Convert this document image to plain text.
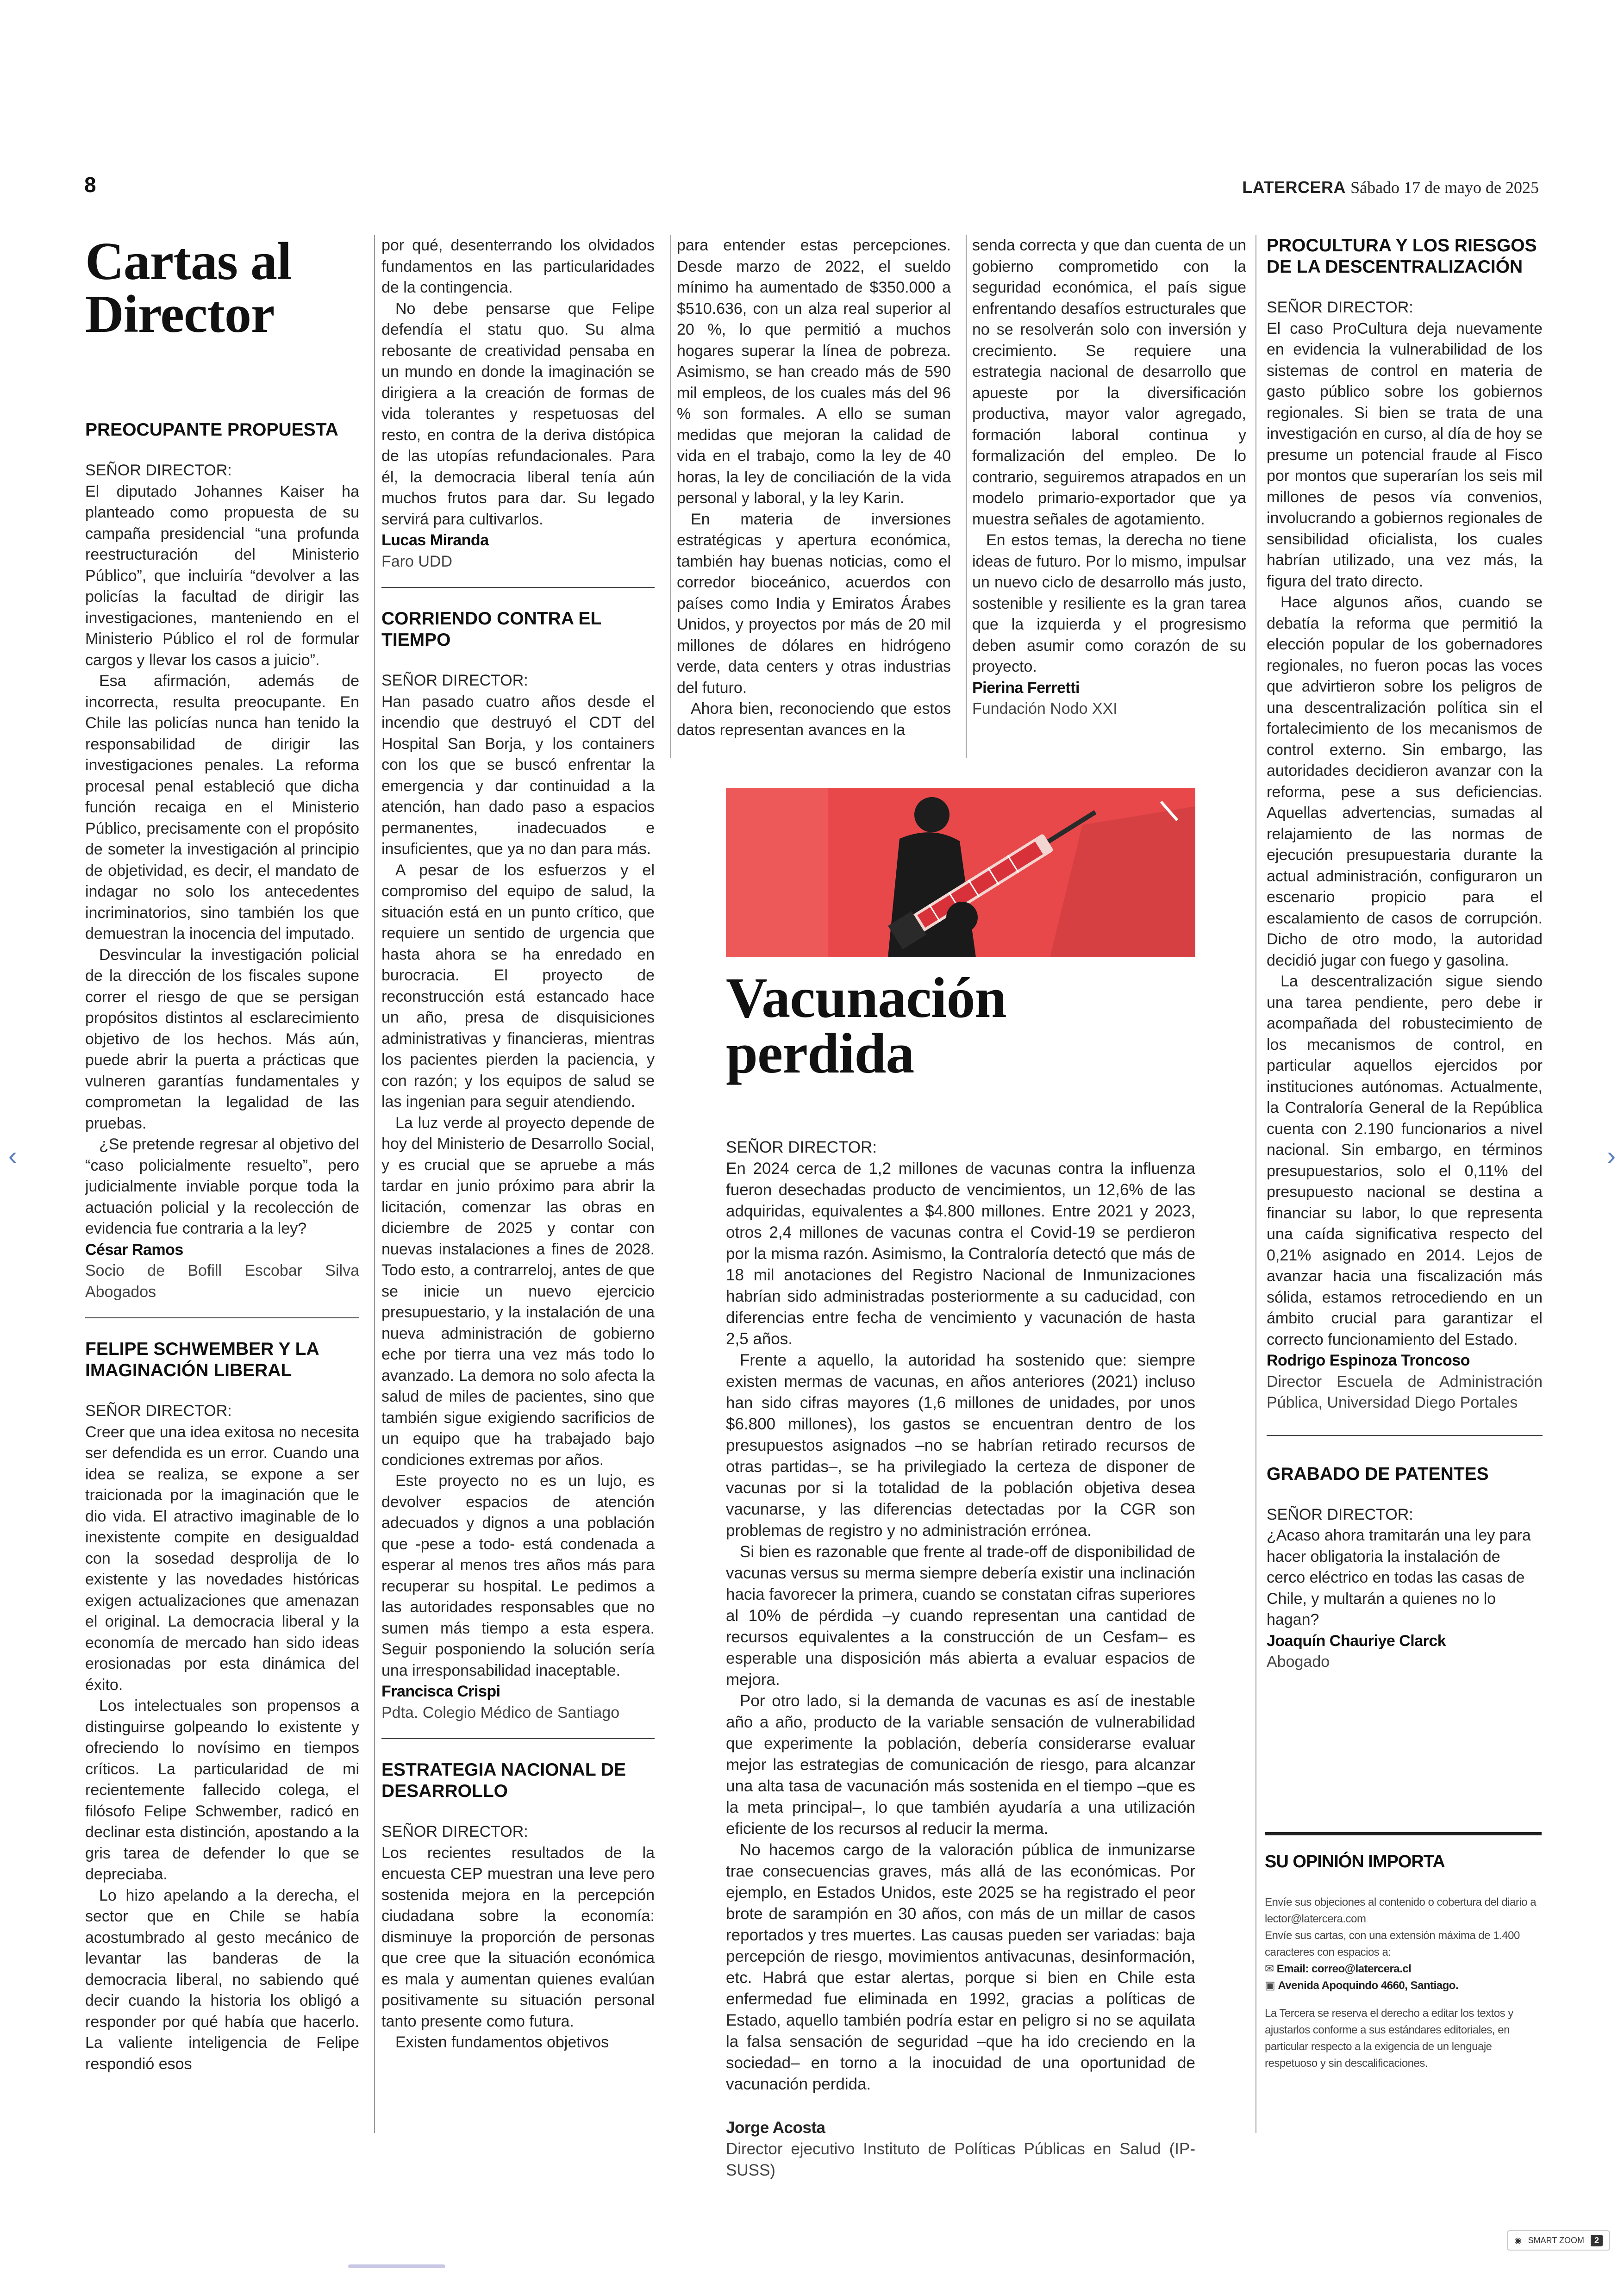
8	LATERCERA Sábado 17 de mayo de 2025
Cartas al Director
PREOCUPANTE PROPUESTA

SEÑOR DIRECTOR:

El diputado Johannes Kaiser ha planteado como propuesta de su campaña presidencial “una profunda reestructuración del Ministerio Público”, que incluiría “devolver a las policías la facultad de dirigir las investigaciones, manteniendo en el Ministerio Público el rol de formular cargos y llevar los casos a juicio”.

Esa afirmación, además de incorrecta, resulta preocupante. En Chile las policías nunca han tenido la responsabilidad de dirigir las investigaciones penales. La reforma procesal penal estableció que dicha función recaiga en el Ministerio Público, precisamente con el propósito de someter la investigación al principio de objetividad, es decir, el mandato de indagar no solo los antecedentes incriminatorios, sino también los que demuestran la inocencia del imputado.

Desvincular la investigación policial de la dirección de los fiscales supone correr el riesgo de que se persigan propósitos distintos al esclarecimiento objetivo de los hechos. Más aún, puede abrir la puerta a prácticas que vulneren garantías fundamentales y comprometan la legalidad de las pruebas.

¿Se pretende regresar al objetivo del “caso policialmente resuelto”, pero judicialmente inviable porque toda la actuación policial y la recolección de evidencia fue contraria a la ley?

César Ramos

Socio de Bofill Escobar Silva Abogados

FELIPE SCHWEMBER Y LA IMAGINACIÓN LIBERAL

SEÑOR DIRECTOR:

Creer que una idea exitosa no necesita ser defendida es un error. Cuando una idea se realiza, se expone a ser traicionada por la imaginación que le dio vida. El atractivo imaginable de lo inexistente compite en desigualdad con la sosedad desprolija de lo existente y las novedades históricas exigen actualizaciones que amenazan el original. La democracia liberal y la economía de mercado han sido ideas erosionadas por esta dinámica del éxito.

Los intelectuales son propensos a distinguirse golpeando lo existente y ofreciendo lo novísimo en tiempos críticos. La particularidad de mi recientemente fallecido colega, el filósofo Felipe Schwember, radicó en declinar esta distinción, apostando a la gris tarea de defender lo que se depreciaba.

Lo hizo apelando a la derecha, el sector que en Chile se había acostumbrado al gesto mecánico de levantar las banderas de la democracia liberal, no sabiendo qué decir cuando la historia los obligó a responder por qué había que hacerlo. La valiente inteligencia de Felipe respondió esos

por qué, desenterrando los olvidados fundamentos en las particularidades de la contingencia.

No debe pensarse que Felipe defendía el statu quo. Su alma rebosante de creatividad pensaba en un mundo en donde la imaginación se dirigiera a la creación de formas de vida tolerantes y respetuosas del resto, en contra de la deriva distópica de las utopías refundacionales. Para él, la democracia liberal tenía aún muchos frutos para dar. Su legado servirá para cultivarlos.

Lucas Miranda

Faro UDD

CORRIENDO CONTRA EL TIEMPO

SEÑOR DIRECTOR:

Han pasado cuatro años desde el incendio que destruyó el CDT del Hospital San Borja, y los containers con los que se buscó enfrentar la emergencia y dar continuidad a la atención, han dado paso a espacios permanentes, inadecuados e insuficientes, que ya no dan para más.

A pesar de los esfuerzos y el compromiso del equipo de salud, la situación está en un punto crítico, que requiere un sentido de urgencia que hasta ahora se ha enredado en burocracia. El proyecto de reconstrucción está estancado hace un año, presa de disquisiciones administrativas y financieras, mientras los pacientes pierden la paciencia, y con razón; y los equipos de salud se las ingenian para seguir atendiendo.

La luz verde al proyecto depende de hoy del Ministerio de Desarrollo Social, y es crucial que se apruebe a más tardar en junio próximo para abrir la licitación, comenzar las obras en diciembre de 2025 y contar con nuevas instalaciones a fines de 2028. Todo esto, a contrarreloj, antes de que se inicie un nuevo ejercicio presupuestario, y la instalación de una nueva administración de gobierno eche por tierra una vez más todo lo avanzado. La demora no solo afecta la salud de miles de pacientes, sino que también sigue exigiendo sacrificios de un equipo que ha trabajado bajo condiciones extremas por años.

Este proyecto no es un lujo, es devolver espacios de atención adecuados y dignos a una población que -pese a todo- está condenada a esperar al menos tres años más para recuperar su hospital. Le pedimos a las autoridades responsables que no sumen más tiempo a esta espera. Seguir posponiendo la solución sería una irresponsabilidad inaceptable.

Francisca Crispi

Pdta. Colegio Médico de Santiago

ESTRATEGIA NACIONAL DE DESARROLLO

SEÑOR DIRECTOR:

Los recientes resultados de la encuesta CEP muestran una leve pero sostenida mejora en la percepción ciudadana sobre la economía: disminuye la proporción de personas que cree que la situación económica es mala y aumentan quienes evalúan positivamente su situación personal tanto presente como futura.

Existen fundamentos objetivos

para entender estas percepciones. Desde marzo de 2022, el sueldo mínimo ha aumentado de $350.000 a $510.636, con un alza real superior al 20 %, lo que permitió a muchos hogares superar la línea de pobreza. Asimismo, se han creado más de 590 mil empleos, de los cuales más del 96 % son formales. A ello se suman medidas que mejoran la calidad de vida en el trabajo, como la ley de 40 horas, la ley de conciliación de la vida personal y laboral, y la ley Karin.

En materia de inversiones estratégicas y apertura económica, también hay buenas noticias, como el corredor bioceánico, acuerdos con países como India y Emiratos Árabes Unidos, y proyectos por más de 20 mil millones de dólares en hidrógeno verde, data centers y otras industrias del futuro.

Ahora bien, reconociendo que estos datos representan avances en la

senda correcta y que dan cuenta de un gobierno comprometido con la seguridad económica, el país sigue enfrentando desafíos estructurales que no se resolverán solo con inversión y crecimiento. Se requiere una estrategia nacional de desarrollo que apueste por la diversificación productiva, mayor valor agregado, formación laboral continua y formalización del empleo. De lo contrario, seguiremos atrapados en un modelo primario-exportador que ya muestra señales de agotamiento.

En estos temas, la derecha no tiene ideas de futuro. Por lo mismo, impulsar un nuevo ciclo de desarrollo más justo, sostenible y resiliente es la gran tarea que la izquierda y el progresismo deben asumir como corazón de su proyecto.

Pierina Ferretti

Fundación Nodo XXI

Vacunación perdida

SEÑOR DIRECTOR:

En 2024 cerca de 1,2 millones de vacunas contra la influenza fueron desechadas producto de vencimientos, un 12,6% de las adquiridas, equivalentes a $4.800 millones. Entre 2021 y 2023, otros 2,4 millones de vacunas contra el Covid-19 se perdieron por la misma razón. Asimismo, la Contraloría detectó que más de 18 mil anotaciones del Registro Nacional de Inmunizaciones habrían sido administradas posteriormente a su caducidad, con diferencias entre fecha de vencimiento y vacunación de hasta 2,5 años.

Frente a aquello, la autoridad ha sostenido que: siempre existen mermas de vacunas, en años anteriores (2021) incluso han sido cifras mayores (1,6 millones de unidades, por unos $6.800 millones), los gastos se encuentran dentro de los presupuestos asignados –no se habrían retirado recursos de otras partidas–, se ha privilegiado la certeza de disponer de vacunas por si la totalidad de la población objetiva desea vacunarse, y las diferencias detectadas por la CGR son problemas de registro y no administración errónea.

Si bien es razonable que frente al trade-off de disponibilidad de vacunas versus su merma siempre debería existir una inclinación hacia favorecer la primera, cuando se constatan cifras superiores al 10% de pérdida –y cuando representan una cantidad de recursos equivalentes a la construcción de un Cesfam– es esperable una disposición más abierta a evaluar espacios de mejora.

Por otro lado, si la demanda de vacunas es así de inestable año a año, producto de la variable sensación de vulnerabilidad que experimente la población, debería considerarse evaluar mejor las estrategias de comunicación de riesgo, para alcanzar una alta tasa de vacunación más sostenida en el tiempo –que es la meta principal–, lo que también ayudaría a una utilización eficiente de los recursos al reducir la merma.

No hacemos cargo de la valoración pública de inmunizarse trae consecuencias graves, más allá de las económicas. Por ejemplo, en Estados Unidos, este 2025 se ha registrado el peor brote de sarampión en 30 años, con más de un millar de casos reportados y tres muertes. Las causas pueden ser variadas: baja percepción de riesgo, movimientos antivacunas, desinformación, etc. Habrá que estar alertas, porque si bien en Chile esta enfermedad fue eliminada en 1992, gracias a políticas de Estado, aquello también podría estar en peligro si no se aquilata la falsa sensación de seguridad –que ha ido creciendo en la sociedad– en torno a la inocuidad de una oportunidad de vacunación perdida.

Jorge Acosta

Director ejecutivo Instituto de Políticas Públicas en Salud (IP-SUSS)

PROCULTURA Y LOS RIESGOS DE LA DESCENTRALIZACIÓN

SEÑOR DIRECTOR:

El caso ProCultura deja nuevamente en evidencia la vulnerabilidad de los sistemas de control en materia de gasto público sobre los gobiernos regionales. Si bien se trata de una investigación en curso, al día de hoy se presume un potencial fraude al Fisco por montos que superarían los seis mil millones de pesos vía convenios, involucrando a gobiernos regionales de sensibilidad oficialista, los cuales habrían utilizado, una vez más, la figura del trato directo.

Hace algunos años, cuando se debatía la reforma que permitió la elección popular de los gobernadores regionales, no fueron pocas las voces que advirtieron sobre los peligros de una descentralización política sin el fortalecimiento de los mecanismos de control externo. Sin embargo, las autoridades decidieron avanzar con la reforma, pese a sus deficiencias. Aquellas advertencias, sumadas al relajamiento de las normas de ejecución presupuestaria durante la actual administración, configuraron un escenario propicio para el escalamiento de casos de corrupción. Dicho de otro modo, la autoridad decidió jugar con fuego y gasolina.

La descentralización sigue siendo una tarea pendiente, pero debe ir acompañada del robustecimiento de los mecanismos de control, en particular aquellos ejercidos por instituciones autónomas. Actualmente, la Contraloría General de la República cuenta con 2.190 funcionarios a nivel nacional. Sin embargo, en términos presupuestarios, solo el 0,11% del presupuesto nacional se destina a financiar su labor, lo que representa una caída significativa respecto del 0,21% asignado en 2014. Lejos de avanzar hacia una fiscalización más sólida, estamos retrocediendo en un ámbito crucial para garantizar el correcto funcionamiento del Estado.

Rodrigo Espinoza Troncoso

Director Escuela de Administración Pública, Universidad Diego Portales

GRABADO DE PATENTES

SEÑOR DIRECTOR:

¿Acaso ahora tramitarán una ley para hacer obligatoria la instalación de cerco eléctrico en todas las casas de Chile, y multarán a quienes no lo hagan?

Joaquín Chauriye Clarck

Abogado

SU OPINIÓN IMPORTA

Envíe sus objeciones al contenido o cobertura del diario a lector@latercera.com

Envíe sus cartas, con una extensión máxima de 1.400 caracteres con espacios a:

✉ Email: correo@latercera.cl

▣ Avenida Apoquindo 4660, Santiago.

La Tercera se reserva el derecho a editar los textos y ajustarlos conforme a sus estándares editoriales, en particular respecto a la exigencia de un lenguaje respetuoso y sin descalificaciones.

‹	›
◉ SMART ZOOM	2
